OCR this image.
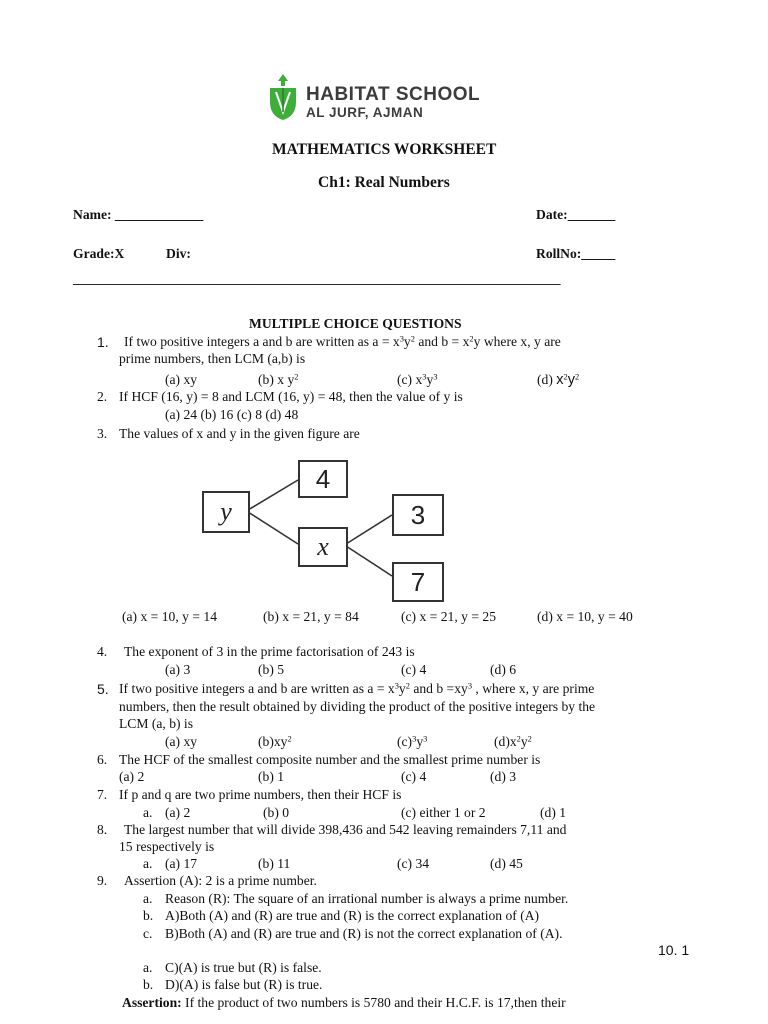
HABITAT SCHOOL
AL JURF, AJMAN
MATHEMATICS WORKSHEET
Ch1: Real Numbers
Name: _____________	Date:_______
Grade:X	Div:	RollNo:_____
___________________________________________________________________________
MULTIPLE CHOICE QUESTIONS
1. If two positive integers a and b are written as $a = x^3y^2$ and $b = x^2y$ where x, y are
prime numbers, then LCM (a,b) is
(a) xy	(b) x $y^2$	(c) $x^3y^3$	(d) $x^2y^2$
2. If HCF (16, y) = 8 and LCM (16, y) = 48, then the value of y is
(a) 24 (b) 16 (c) 8 (d) 48
3. The values of x and y in the given figure are
y
4
x
3
7
(a) x = 10, y = 14	(b) x = 21, y = 84	(c) x = 21, y = 25	(d) x = 10, y = 40
4. The exponent of 3 in the prime factorisation of 243 is
(a) 3	(b) 5	(c) 4	(d) 6
5. If two positive integers a and b are written as $a = x^3y^2$ and $b =xy^3$ , where x, y are prime
numbers, then the result obtained by dividing the product of the positive integers by the
LCM (a, b) is
(a) xy	$(b)xy^2$	$(c)^3y^3$	$(d)x^2y^2$
6. The HCF of the smallest composite number and the smallest prime number is
(a) 2	(b) 1	(c) 4	(d) 3
7. If p and q are two prime numbers, then their HCF is
a. (a) 2	(b) 0	(c) either 1 or 2	(d) 1
8. The largest number that will divide 398,436 and 542 leaving remainders 7,11 and
15 respectively is
a. (a) 17	(b) 11	(c) 34	(d) 45
9. Assertion (A): 2 is a prime number.
a. Reason (R): The square of an irrational number is always a prime number.
b. A)Both (A) and (R) are true and (R) is the correct explanation of (A)
c. B)Both (A) and (R) are true and (R) is not the correct explanation of (A).
10. 1
a. C)(A) is true but (R) is false.
b. D)(A) is false but (R) is true.
Assertion: If the product of two numbers is 5780 and their H.C.F. is 17,then their
